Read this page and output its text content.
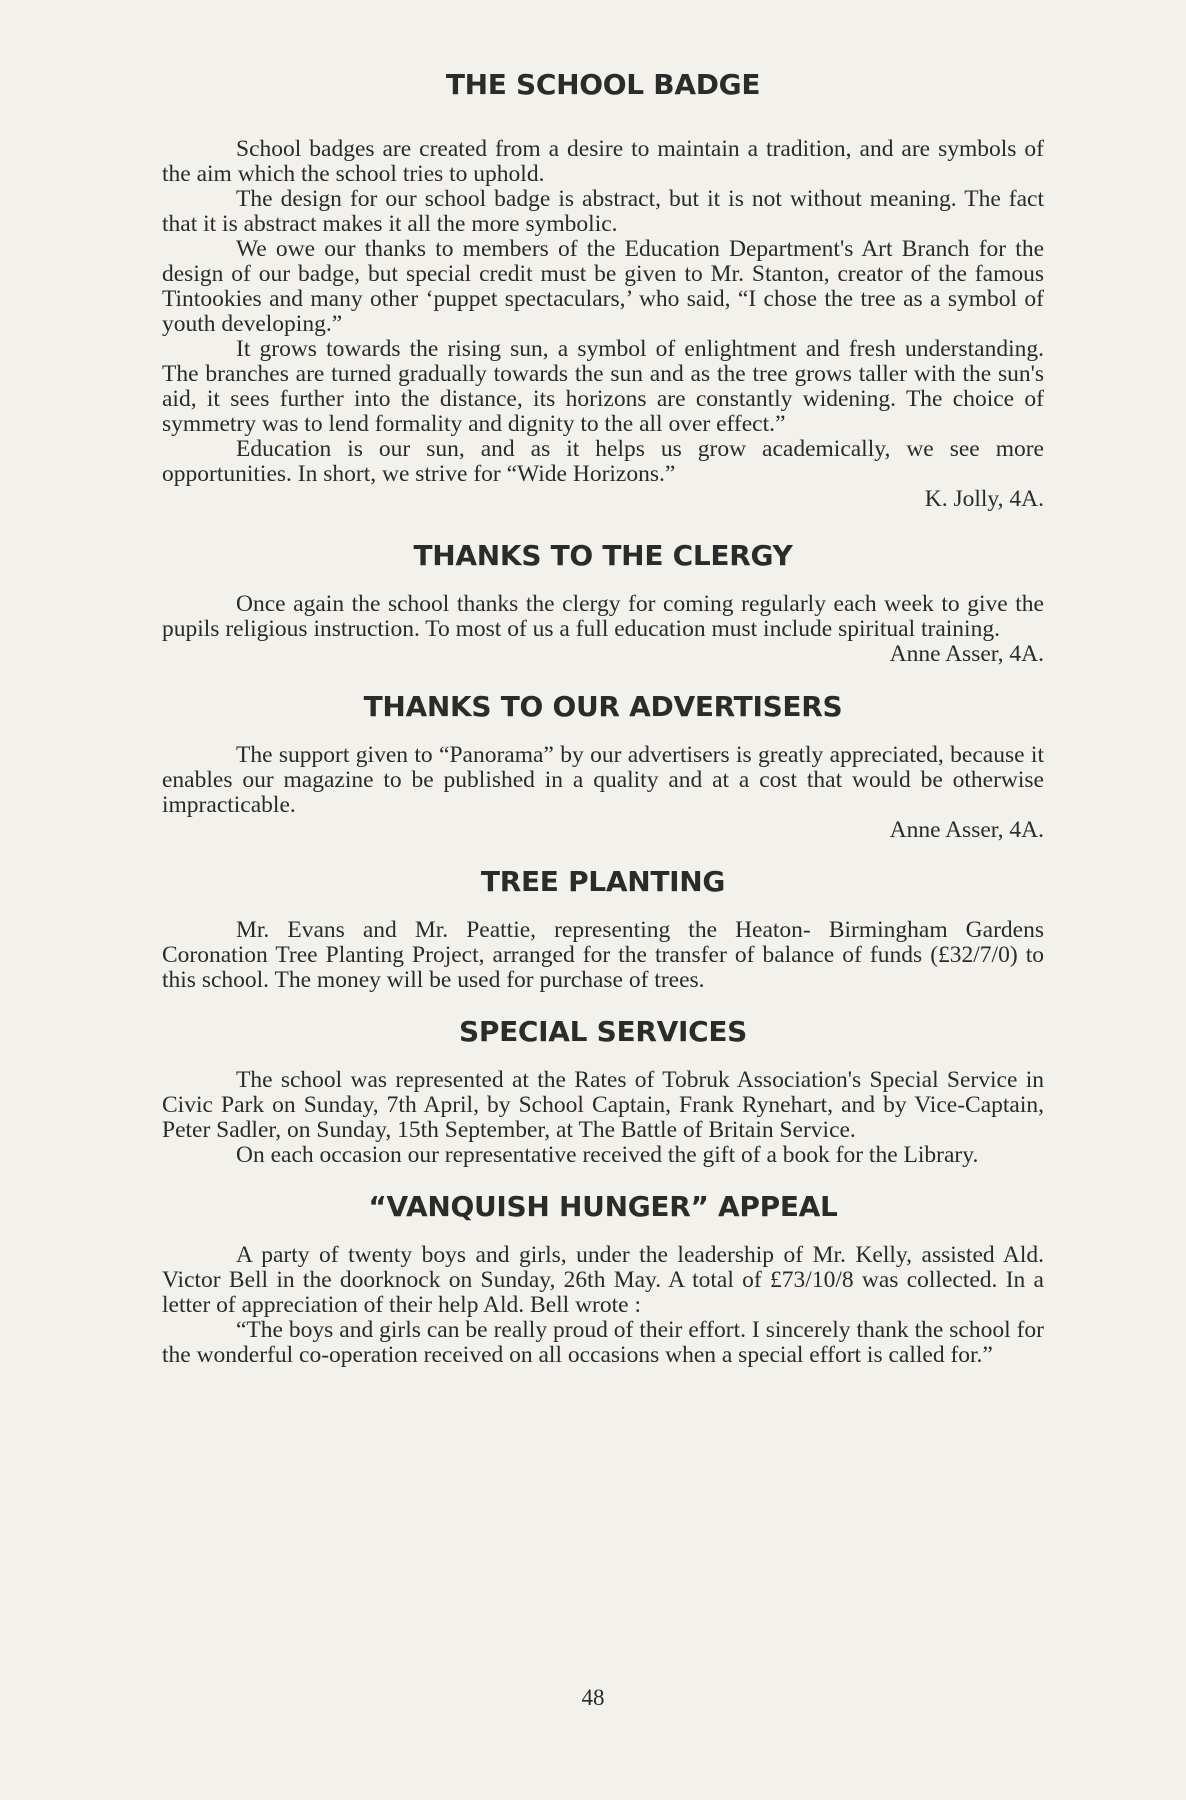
THE SCHOOL BADGE

School badges are created from a desire to maintain a tradition, and are symbols of the aim which the school tries to uphold.

The design for our school badge is abstract, but it is not without meaning. The fact that it is abstract makes it all the more symbolic.

We owe our thanks to members of the Education Department's Art Branch for the design of our badge, but special credit must be given to Mr. Stanton, creator of the famous Tintookies and many other ‘puppet spectaculars,’ who said, “I chose the tree as a symbol of youth developing.”

It grows towards the rising sun, a symbol of enlightment and fresh understanding. The branches are turned gradually towards the sun and as the tree grows taller with the sun's aid, it sees further into the distance, its horizons are constantly widening. The choice of symmetry was to lend formality and dignity to the all over effect.”

Education is our sun, and as it helps us grow academically, we see more opportunities. In short, we strive for “Wide Horizons.”

K. Jolly, 4A.

THANKS TO THE CLERGY

Once again the school thanks the clergy for coming regularly each week to give the pupils religious instruction. To most of us a full education must include spiritual training.

Anne Asser, 4A.

THANKS TO OUR ADVERTISERS

The support given to “Panorama” by our advertisers is greatly appreciated, because it enables our magazine to be published in a quality and at a cost that would be otherwise impracticable.

Anne Asser, 4A.

TREE PLANTING

Mr. Evans and Mr. Peattie, representing the Heaton- Birmingham Gardens Coronation Tree Planting Project, arranged for the transfer of balance of funds (£32/7/0) to this school. The money will be used for purchase of trees.

SPECIAL SERVICES

The school was represented at the Rates of Tobruk Association's Special Service in Civic Park on Sunday, 7th April, by School Captain, Frank Rynehart, and by Vice-Captain, Peter Sadler, on Sunday, 15th September, at The Battle of Britain Service.

On each occasion our representative received the gift of a book for the Library.

“VANQUISH HUNGER” APPEAL

A party of twenty boys and girls, under the leadership of Mr. Kelly, assisted Ald. Victor Bell in the doorknock on Sunday, 26th May. A total of £73/10/8 was collected. In a letter of appreciation of their help Ald. Bell wrote :

“The boys and girls can be really proud of their effort. I sincerely thank the school for the wonderful co-operation received on all occasions when a special effort is called for.”

48
